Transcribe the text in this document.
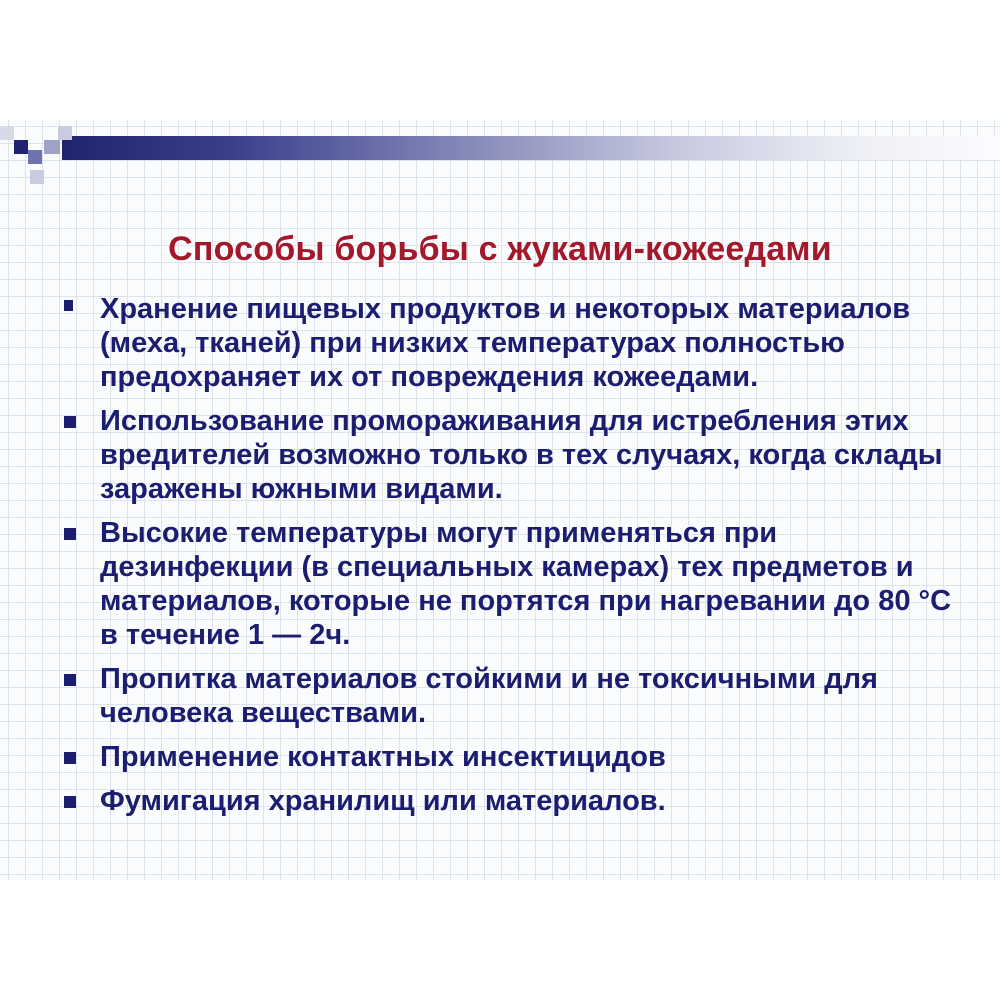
Способы борьбы с жуками-кожеедами
Хранение пищевых продуктов и некоторых материалов (меха, тканей) при низких температурах полностью предохраняет их от повреждения кожеедами.
Использование промораживания для истребления этих вредителей возможно только в тех случаях, когда склады заражены южными видами.
Высокие температуры могут применяться при дезинфекции (в специальных камерах) тех предметов и материалов, которые не портятся при нагревании до 80 °С в течение 1 — 2ч.
Пропитка материалов стойкими и не токсичными для человека веществами.
Применение контактных инсектицидов
Фумигация хранилищ или материалов.
